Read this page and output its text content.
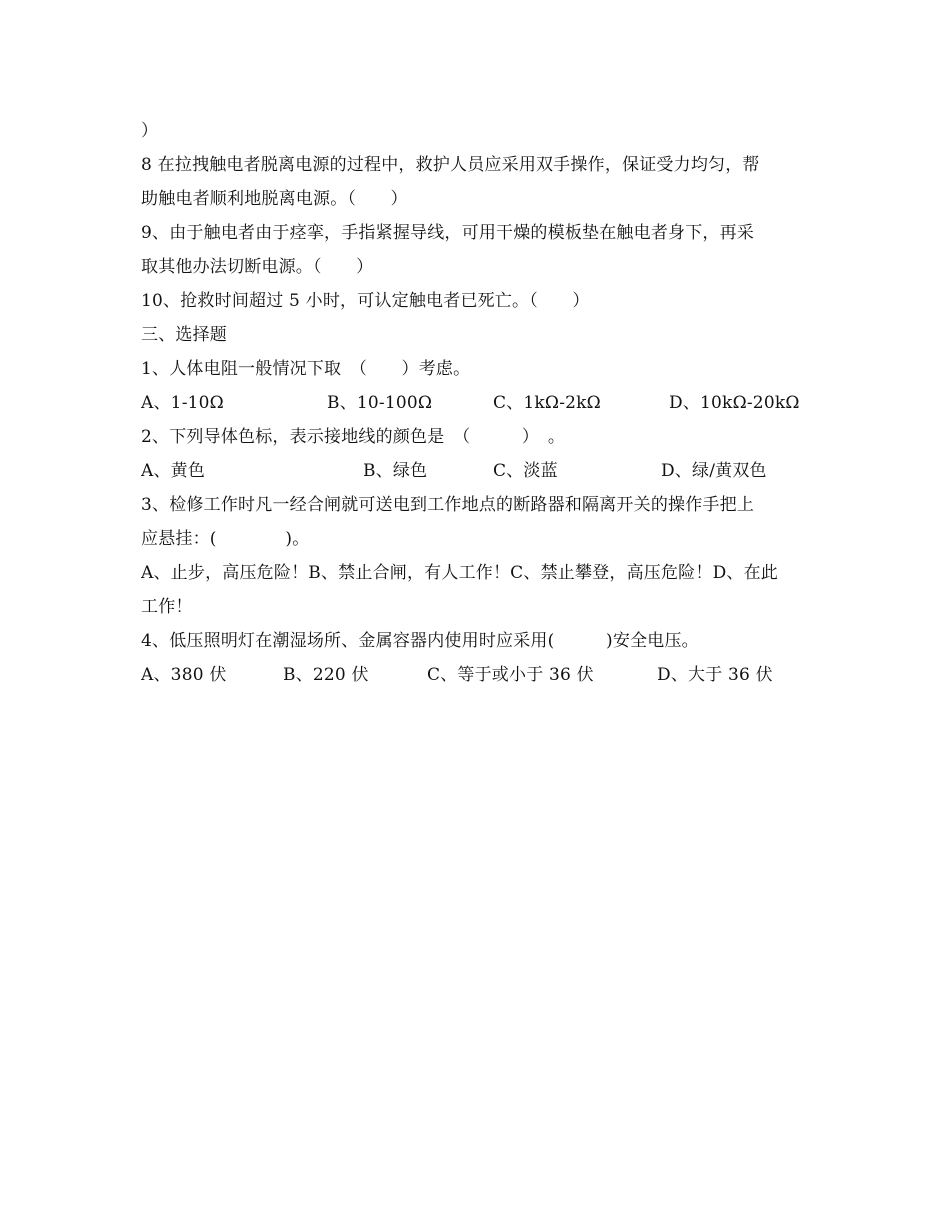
）
8 在拉拽触电者脱离电源的过程中，救护人员应采用双手操作，保证受力均匀，帮
助触电者顺利地脱离电源。（　　）
9、由于触电者由于痉挛，手指紧握导线，可用干燥的模板垫在触电者身下，再采
取其他办法切断电源。（　　）
10、抢救时间超过 5 小时，可认定触电者已死亡。（　　）
三、选择题
1、人体电阻一般情况下取　（　　）考虑。
A、1-10Ω	B、10-100Ω	C、1kΩ-2kΩ	D、10kΩ-20kΩ
2、下列导体色标，表示接地线的颜色是　（　　　）　。
A、黄色	B、绿色	C、淡蓝	D、绿/黄双色
3、检修工作时凡一经合闸就可送电到工作地点的断路器和隔离开关的操作手把上
应悬挂：(　　　　)。
A、止步，高压危险！B、禁止合闸，有人工作！C、禁止攀登，高压危险！D、在此
工作！
4、低压照明灯在潮湿场所、金属容器内使用时应采用(　　　)安全电压。
A、380 伏	B、220 伏	C、等于或小于 36 伏	D、大于 36 伏
